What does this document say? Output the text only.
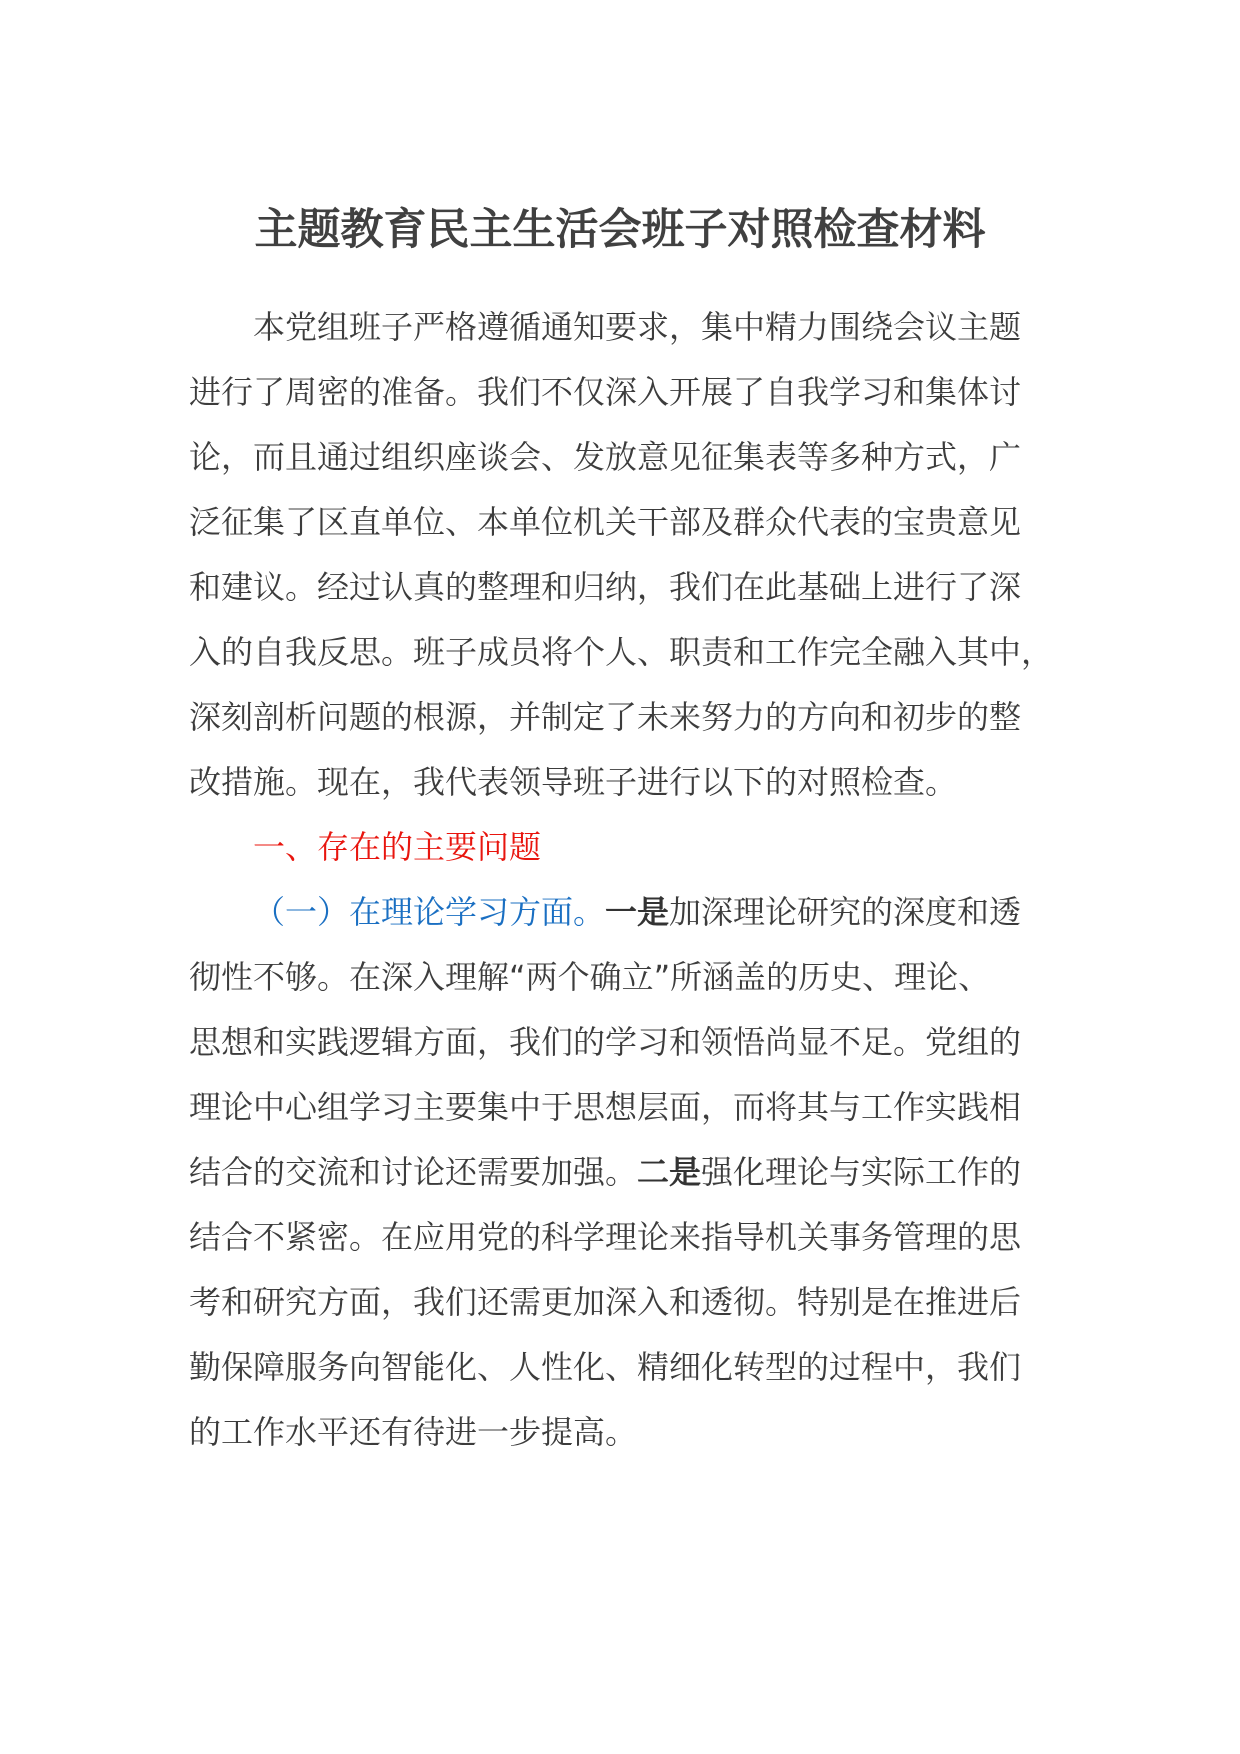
主题教育民主生活会班子对照检查材料
本党组班子严格遵循通知要求，集中精力围绕会议主题
进行了周密的准备。我们不仅深入开展了自我学习和集体讨
论，而且通过组织座谈会、发放意见征集表等多种方式，广
泛征集了区直单位、本单位机关干部及群众代表的宝贵意见
和建议。经过认真的整理和归纳，我们在此基础上进行了深
入的自我反思。班子成员将个人、职责和工作完全融入其中，
深刻剖析问题的根源，并制定了未来努力的方向和初步的整
改措施。现在，我代表领导班子进行以下的对照检查。
一、存在的主要问题
（一）在理论学习方面。一是加深理论研究的深度和透
彻性不够。在深入理解“两个确立”所涵盖的历史、理论、
思想和实践逻辑方面，我们的学习和领悟尚显不足。党组的
理论中心组学习主要集中于思想层面，而将其与工作实践相
结合的交流和讨论还需要加强。二是强化理论与实际工作的
结合不紧密。在应用党的科学理论来指导机关事务管理的思
考和研究方面，我们还需更加深入和透彻。特别是在推进后
勤保障服务向智能化、人性化、精细化转型的过程中，我们
的工作水平还有待进一步提高。
